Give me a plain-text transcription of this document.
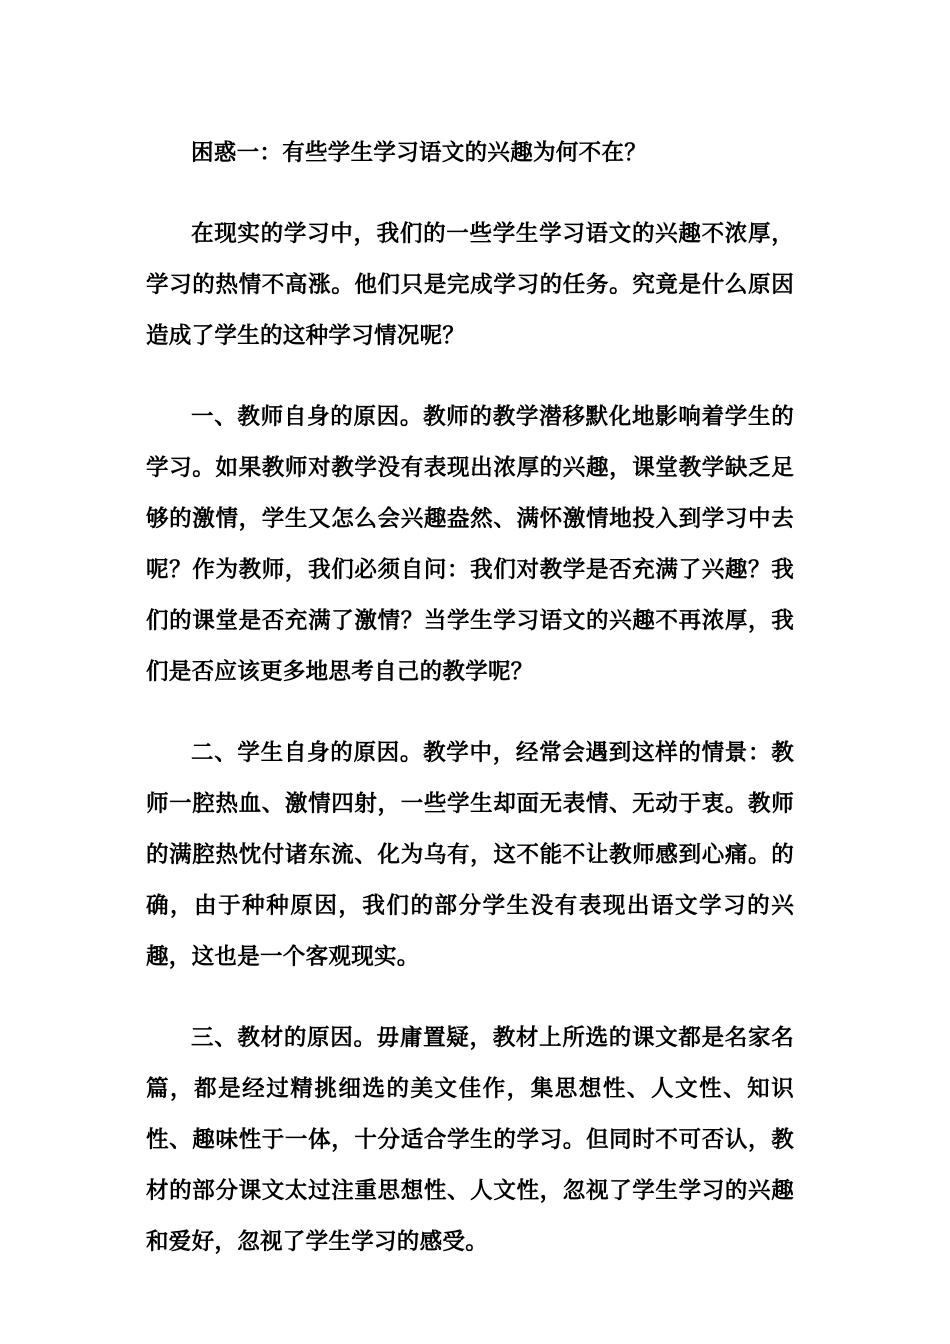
困惑一：有些学生学习语文的兴趣为何不在？

在现实的学习中，我们的一些学生学习语文的兴趣不浓厚，学习的热情不高涨。他们只是完成学习的任务。究竟是什么原因造成了学生的这种学习情况呢？

一、教师自身的原因。教师的教学潜移默化地影响着学生的学习。如果教师对教学没有表现出浓厚的兴趣，课堂教学缺乏足够的激情，学生又怎么会兴趣盎然、满怀激情地投入到学习中去呢？作为教师，我们必须自问：我们对教学是否充满了兴趣？我们的课堂是否充满了激情？当学生学习语文的兴趣不再浓厚，我们是否应该更多地思考自己的教学呢？

二、学生自身的原因。教学中，经常会遇到这样的情景：教师一腔热血、激情四射，一些学生却面无表情、无动于衷。教师的满腔热忱付诸东流、化为乌有，这不能不让教师感到心痛。的确，由于种种原因，我们的部分学生没有表现出语文学习的兴趣，这也是一个客观现实。

三、教材的原因。毋庸置疑，教材上所选的课文都是名家名篇，都是经过精挑细选的美文佳作，集思想性、人文性、知识性、趣味性于一体，十分适合学生的学习。但同时不可否认，教材的部分课文太过注重思想性、人文性，忽视了学生学习的兴趣和爱好，忽视了学生学习的感受。
